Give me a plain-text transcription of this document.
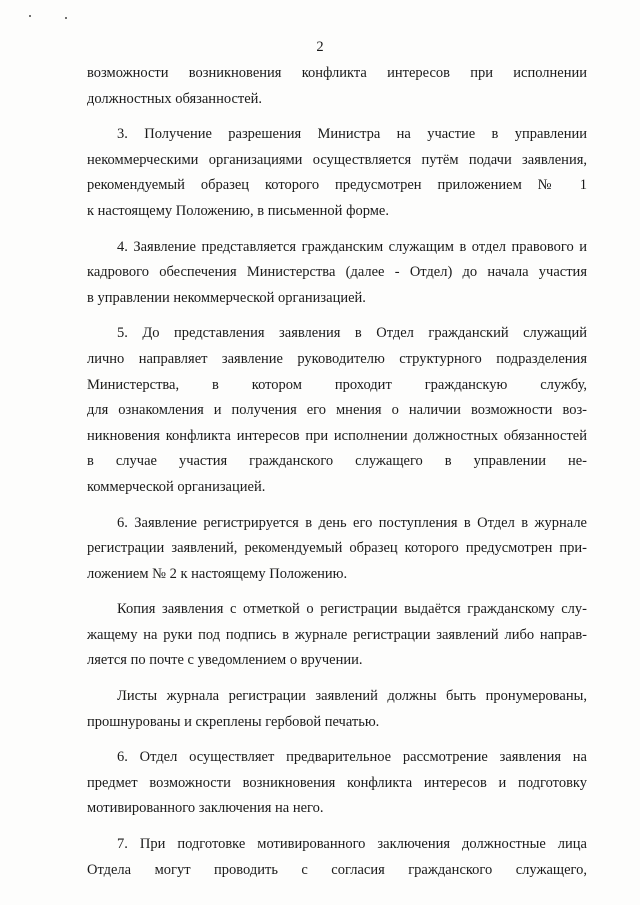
2
возможности возникновения конфликта интересов при исполнении
должностных обязанностей.
3. Получение разрешения Министра на участие в управлении
некоммерческими организациями осуществляется путём подачи заявления,
рекомендуемый образец которого предусмотрен приложением № 1
к настоящему Положению, в письменной форме.
4. Заявление представляется гражданским служащим в отдел правового и
кадрового обеспечения Министерства (далее - Отдел) до начала участия
в управлении некоммерческой организацией.
5. До представления заявления в Отдел гражданский служащий
лично направляет заявление руководителю структурного подразделения
Министерства, в котором проходит гражданскую службу,
для ознакомления и получения его мнения о наличии возможности воз-
никновения конфликта интересов при исполнении должностных обязанностей
в случае участия гражданского служащего в управлении не-
коммерческой организацией.
6. Заявление регистрируется в день его поступления в Отдел в журнале
регистрации заявлений, рекомендуемый образец которого предусмотрен при-
ложением № 2 к настоящему Положению.
Копия заявления с отметкой о регистрации выдаётся гражданскому слу-
жащему на руки под подпись в журнале регистрации заявлений либо направ-
ляется по почте с уведомлением о вручении.
Листы журнала регистрации заявлений должны быть пронумерованы,
прошнурованы и скреплены гербовой печатью.
6. Отдел осуществляет предварительное рассмотрение заявления на
предмет возможности возникновения конфликта интересов и подготовку
мотивированного заключения на него.
7. При подготовке мотивированного заключения должностные лица
Отдела могут проводить с согласия гражданского служащего,
